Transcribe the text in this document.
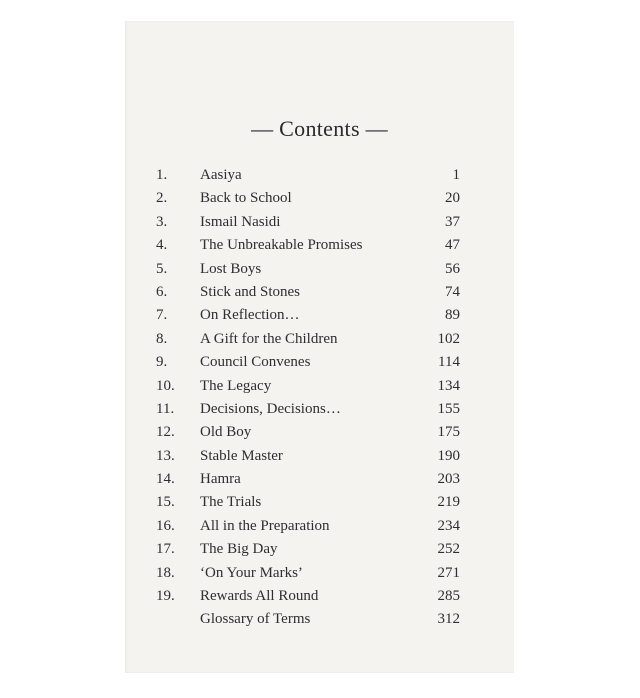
— Contents —
1. Aasiya	1
2. Back to School	20
3. Ismail Nasidi	37
4. The Unbreakable Promises	47
5. Lost Boys	56
6. Stick and Stones	74
7. On Reflection…	89
8. A Gift for the Children	102
9. Council Convenes	114
10. The Legacy	134
11. Decisions, Decisions…	155
12. Old Boy	175
13. Stable Master	190
14. Hamra	203
15. The Trials	219
16. All in the Preparation	234
17. The Big Day	252
18. ‘On Your Marks’	271
19. Rewards All Round	285
Glossary of Terms	312
